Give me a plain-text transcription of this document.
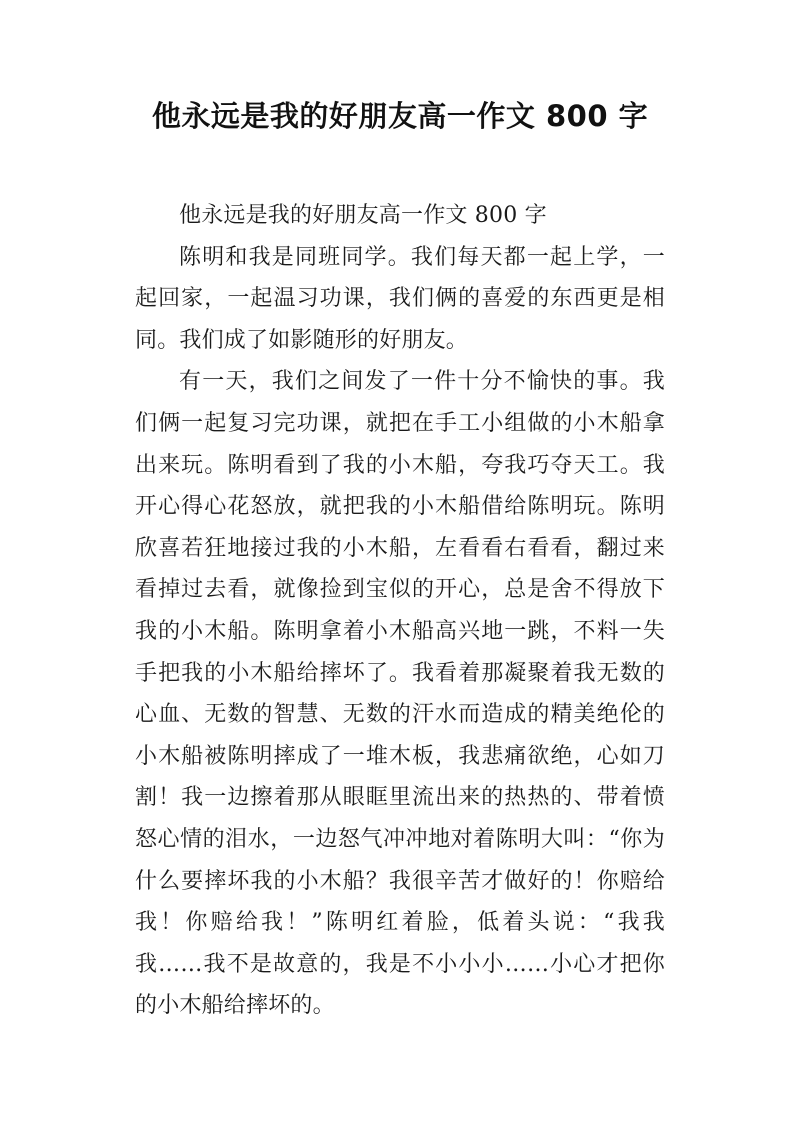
他永远是我的好朋友高一作文 800 字

他永远是我的好朋友高一作文 800 字

陈明和我是同班同学。我们每天都一起上学，一起回家，一起温习功课，我们俩的喜爱的东西更是相同。我们成了如影随形的好朋友。

有一天，我们之间发了一件十分不愉快的事。我们俩一起复习完功课，就把在手工小组做的小木船拿出来玩。陈明看到了我的小木船，夸我巧夺天工。我开心得心花怒放，就把我的小木船借给陈明玩。陈明欣喜若狂地接过我的小木船，左看看右看看，翻过来看掉过去看，就像捡到宝似的开心，总是舍不得放下我的小木船。陈明拿着小木船高兴地一跳，不料一失手把我的小木船给摔坏了。我看着那凝聚着我无数的心血、无数的智慧、无数的汗水而造成的精美绝伦的小木船被陈明摔成了一堆木板，我悲痛欲绝，心如刀割！我一边擦着那从眼眶里流出来的热热的、带着愤怒心情的泪水，一边怒气冲冲地对着陈明大叫：“你为什么要摔坏我的小木船？我很辛苦才做好的！你赔给我！你赔给我！”陈明红着脸，低着头说：“我我我……我不是故意的，我是不小小小……小心才把你的小木船给摔坏的。
